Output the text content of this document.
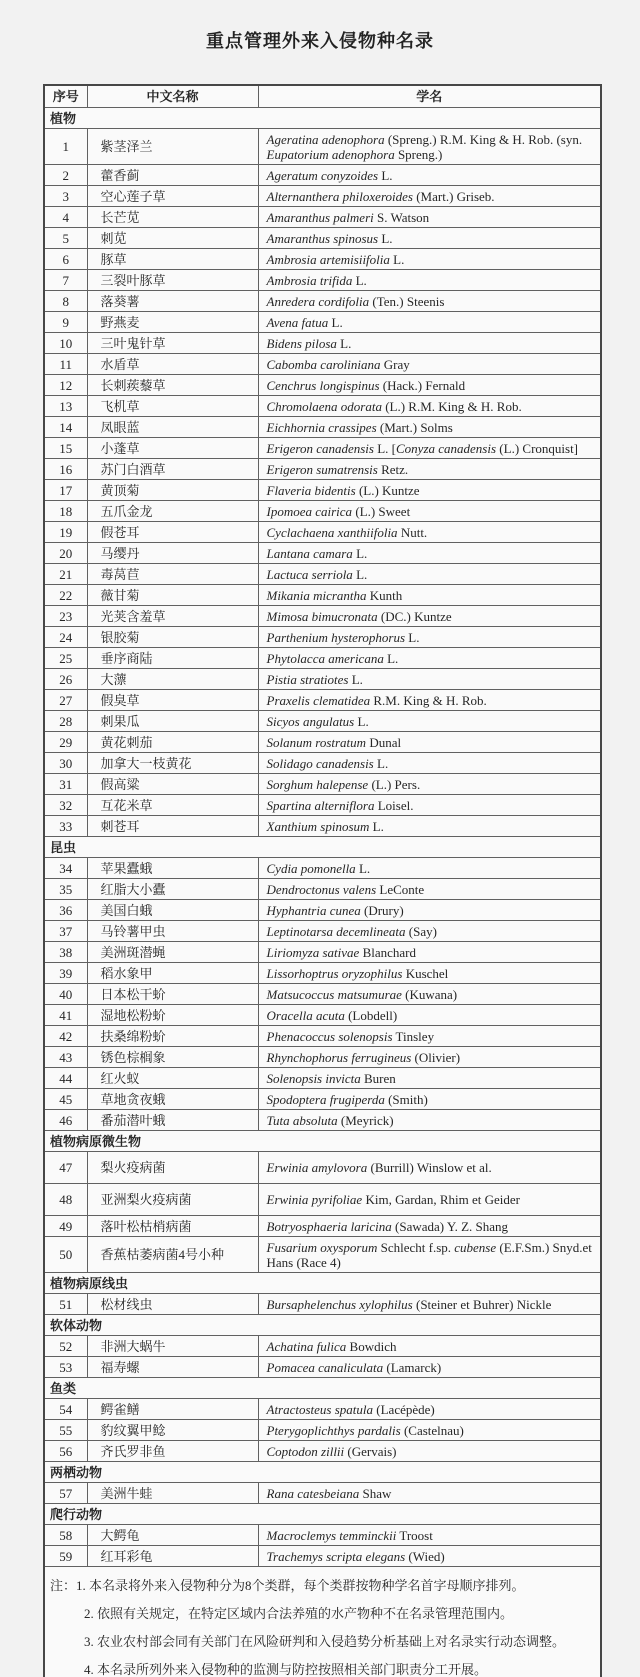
重点管理外来入侵物种名录
序号	中文名称	学名
植物		
1	紫茎泽兰	Ageratina adenophora (Spreng.) R.M. King & H. Rob. (syn. Eupatorium adenophora Spreng.)
2	藿香蓟	Ageratum conyzoides L.
3	空心莲子草	Alternanthera philoxeroides (Mart.) Griseb.
4	长芒苋	Amaranthus palmeri S. Watson
5	刺苋	Amaranthus spinosus L.
6	豚草	Ambrosia artemisiifolia L.
7	三裂叶豚草	Ambrosia trifida L.
8	落葵薯	Anredera cordifolia (Ten.) Steenis
9	野燕麦	Avena fatua L.
10	三叶鬼针草	Bidens pilosa L.
11	水盾草	Cabomba caroliniana Gray
12	长刺蒺藜草	Cenchrus longispinus (Hack.) Fernald
13	飞机草	Chromolaena odorata (L.) R.M. King & H. Rob.
14	凤眼蓝	Eichhornia crassipes (Mart.) Solms
15	小蓬草	Erigeron canadensis L. [Conyza canadensis (L.) Cronquist]
16	苏门白酒草	Erigeron sumatrensis Retz.
17	黄顶菊	Flaveria bidentis (L.) Kuntze
18	五爪金龙	Ipomoea cairica (L.) Sweet
19	假苍耳	Cyclachaena xanthiifolia Nutt.
20	马缨丹	Lantana camara L.
21	毒莴苣	Lactuca serriola L.
22	薇甘菊	Mikania micrantha Kunth
23	光荚含羞草	Mimosa bimucronata (DC.) Kuntze
24	银胶菊	Parthenium hysterophorus L.
25	垂序商陆	Phytolacca americana L.
26	大薸	Pistia stratiotes L.
27	假臭草	Praxelis clematidea R.M. King & H. Rob.
28	刺果瓜	Sicyos angulatus L.
29	黄花刺茄	Solanum rostratum Dunal
30	加拿大一枝黄花	Solidago canadensis L.
31	假高粱	Sorghum halepense (L.) Pers.
32	互花米草	Spartina alterniflora Loisel.
33	刺苍耳	Xanthium spinosum L.
昆虫		
34	苹果蠹蛾	Cydia pomonella L.
35	红脂大小蠹	Dendroctonus valens LeConte
36	美国白蛾	Hyphantria cunea (Drury)
37	马铃薯甲虫	Leptinotarsa decemlineata (Say)
38	美洲斑潜蝇	Liriomyza sativae Blanchard
39	稻水象甲	Lissorhoptrus oryzophilus Kuschel
40	日本松干蚧	Matsucoccus matsumurae (Kuwana)
41	湿地松粉蚧	Oracella acuta (Lobdell)
42	扶桑绵粉蚧	Phenacoccus solenopsis Tinsley
43	锈色棕榈象	Rhynchophorus ferrugineus (Olivier)
44	红火蚁	Solenopsis invicta Buren
45	草地贪夜蛾	Spodoptera frugiperda (Smith)
46	番茄潜叶蛾	Tuta absoluta (Meyrick)
植物病原微生物		
47	梨火疫病菌	Erwinia amylovora (Burrill) Winslow et al.
48	亚洲梨火疫病菌	Erwinia pyrifoliae Kim, Gardan, Rhim et Geider
49	落叶松枯梢病菌	Botryosphaeria laricina (Sawada) Y. Z. Shang
50	香蕉枯萎病菌4号小种	Fusarium oxysporum Schlecht f.sp. cubense (E.F.Sm.) Snyd.et Hans (Race 4)
植物病原线虫		
51	松材线虫	Bursaphelenchus xylophilus (Steiner et Buhrer) Nickle
软体动物		
52	非洲大蜗牛	Achatina fulica Bowdich
53	福寿螺	Pomacea canaliculata (Lamarck)
鱼类		
54	鳄雀鳝	Atractosteus spatula (Lacépède)
55	豹纹翼甲鲶	Pterygoplichthys pardalis (Castelnau)
56	齐氏罗非鱼	Coptodon zillii (Gervais)
两栖动物		
57	美洲牛蛙	Rana catesbeiana Shaw
爬行动物		
58	大鳄龟	Macroclemys temminckii Troost
59	红耳彩龟	Trachemys scripta elegans (Wied)

注：1. 本名录将外来入侵物种分为8个类群，每个类群按物种学名首字母顺序排列。
2. 依照有关规定，在特定区域内合法养殖的水产物种不在名录管理范围内。
3. 农业农村部会同有关部门在风险研判和入侵趋势分析基础上对名录实行动态调整。
4. 本名录所列外来入侵物种的监测与防控按照相关部门职责分工开展。		
